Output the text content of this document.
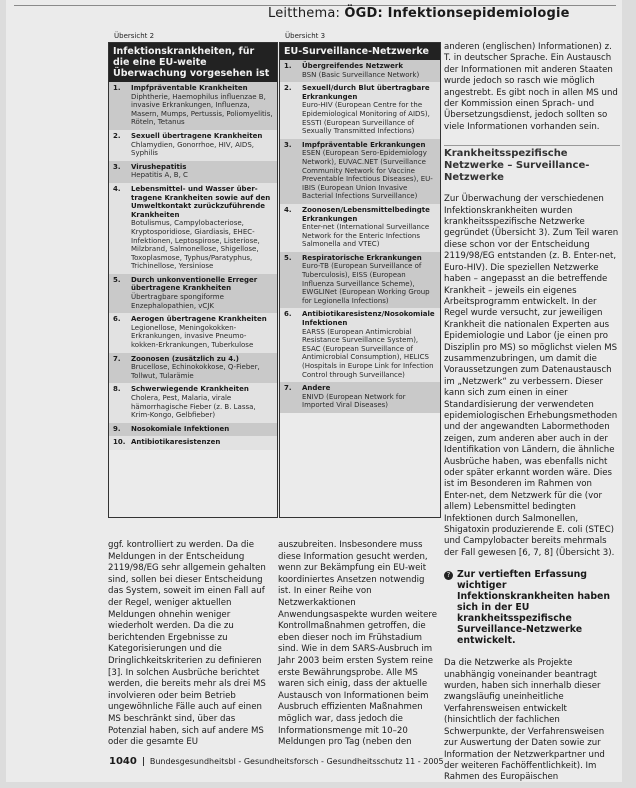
Leitthema: ÖGD: Infektionsepidemiologie
Übersicht 2
Infektionskrankheiten, für die eine EU-weite Überwachung vorgesehen ist
1.	Impfpräventable Krankheiten
Diphtherie, Haemophilus influenzae B, invasive Erkrankungen, Influenza, Masern, Mumps, Pertussis, Poliomyelitis, Röteln, Tetanus
2.	Sexuell übertragene Krankheiten
Chlamydien, Gonorrhoe, HIV, AIDS, Syphilis
3.	Virushepatitis
Hepatitis A, B, C
4.	Lebensmittel- und Wasser über-tragene Krankheiten sowie auf den Umweltkontakt zurückzuführende Krankheiten
Botulismus, Campylobacteriose, Kryptosporidiose, Giardiasis, EHEC-Infektionen, Leptospirose, Listeriose, Milzbrand, Salmonellose, Shigellose, Toxoplasmose, Typhus/Paratyphus, Trichinellose, Yersiniose
5.	Durch unkonventionelle Erreger übertragene Krankheiten
Übertragbare spongiforme Enzephalopathien, vCJK
6.	Aerogen übertragene Krankheiten
Legionellose, Meningokokken-Erkrankungen, invasive Pneumo-kokken-Erkrankungen, Tuberkulose
7.	Zoonosen (zusätzlich zu 4.)
Brucellose, Echinokokkose, Q-Fieber, Tollwut, Tularämie
8.	Schwerwiegende Krankheiten
Cholera, Pest, Malaria, virale hämorrhagische Fieber (z. B. Lassa, Krim-Kongo, Gelbfieber)
9.	Nosokomiale Infektionen
10. Antibiotikaresistenzen
Übersicht 3
EU-Surveillance-Netzwerke
1.	Übergreifendes Netzwerk
BSN (Basic Surveillance Network)
2.	Sexuell/durch Blut übertragbare Erkrankungen
Euro-HIV (European Centre for the Epidemiological Monitoring of AIDS), ESSTI (European Surveillance of Sexually Transmitted Infections)
3.	Impfpräventable Erkrankungen
ESEN (European Sero-Epidemiology Network), EUVAC.NET (Surveillance Community Network for Vaccine Preventable Infectious Diseases), EU-IBIS (European Union Invasive Bacterial Infections Surveillance)
4.	Zoonosen/Lebensmittelbedingte Erkrankungen
Enter-net (International Surveillance Network for the Enteric Infections Salmonella and VTEC)
5.	Respiratorische Erkrankungen
Euro-TB (European Surveillance of Tuberculosis), EISS (European Influenza Surveillance Scheme), EWGLINet (European Working Group for Legionella Infections)
6.	Antibiotikaresistenz/Nosokomiale Infektionen
EARSS (European Antimicrobial Resistance Surveillance System), ESAC (European Surveillance of Antimicrobial Consumption), HELICS (Hospitals in Europe Link for Infection Control through Surveillance)
7.	Andere
ENIVD (European Network for Imported Viral Diseases)

anderen (englischen) Informationen) z. T. in deutscher Sprache. Ein Austausch der Informationen mit anderen Staaten wurde jedoch so rasch wie möglich angestrebt. Es gibt noch in allen MS und der Kommission einen Sprach- und Übersetzungsdienst, jedoch sollten so viele Informationen vorhanden sein.

Krankheitsspezifische Netzwerke – Surveillance-Netzwerke

Zur Überwachung der verschiedenen Infektionskrankheiten wurden krankheitsspezifische Netzwerke gegründet (Übersicht 3). Zum Teil waren diese schon vor der Entscheidung 2119/98/EG entstanden (z. B. Enter-net, Euro-HIV). Die speziellen Netzwerke haben – angepasst an die betreffende Krankheit – jeweils ein eigenes Arbeitsprogramm entwickelt. In der Regel wurde versucht, zur jeweiligen Krankheit die nationalen Experten aus Epidemiologie und Labor (je einen pro Disziplin pro MS) so möglichst vielen MS zusammenzubringen, um damit die Voraussetzungen zum Datenaustausch im „Netzwerk“ zu verbessern. Dieser kann sich zum einen in einer Standardisierung der verwendeten epidemiologischen Erhebungsmethoden und der angewandten Labormethoden zeigen, zum anderen aber auch in der Identifikation von Ländern, die ähnliche Ausbrüche haben, was ebenfalls nicht oder später erkannt worden wäre. Dies ist im Besonderen im Rahmen von Enter-net, dem Netzwerk für die (vor allem) Lebensmittel bedingten Infektionen durch Salmonellen, Shigatoxin produzierende E. coli (STEC) und Campylobacter bereits mehrmals der Fall gewesen [6, 7, 8] (Übersicht 3).

? Zur vertieften Erfassung wichtiger Infektionskrankheiten haben sich in der EU krankheitsspezifische Surveillance-Netzwerke entwickelt.

Da die Netzwerke als Projekte unabhängig voneinander beantragt wurden, haben sich innerhalb dieser zwangsläufig uneinheitliche Verfahrensweisen entwickelt (hinsichtlich der fachlichen Schwerpunkte, der Verfahrensweisen zur Auswertung der Daten sowie zur Information der Netzwerkpartner und der weiteren Fachöffentlichkeit). Im Rahmen des Europäischen

ggf. kontrolliert zu werden. Da die Meldungen in der Entscheidung 2119/98/EG sehr allgemein gehalten sind, sollen bei dieser Entscheidung das System, soweit im einen Fall auf der Regel, weniger aktuellen Meldungen ohnehin weniger wiederholt werden. Da die zu berichtenden Ergebnisse zu Kategorisierungen und die Dringlichkeitskriterien zu definieren [3]. In solchen Ausbrüche berichtet werden, die bereits mehr als drei MS involvieren oder beim Betrieb ungewöhnliche Fälle auch auf einen MS beschränkt sind, über das Potenzial haben, sich auf andere MS oder die gesamte EU

auszubreiten. Insbesondere muss diese Information gesucht werden, wenn zur Bekämpfung ein EU-weit koordiniertes Ansetzen notwendig ist. In einer Reihe von Netzwerkaktionen Anwendungsaspekte wurden weitere Kontrollmaßnahmen getroffen, die eben dieser noch im Frühstadium sind. Wie in dem SARS-Ausbruch im Jahr 2003 beim ersten System reine erste Bewährungsprobe. Alle MS waren sich einig, dass der aktuelle Austausch von Informationen beim Ausbruch effizienten Maßnahmen möglich war, dass jedoch die Informationsmenge mit 10–20 Meldungen pro Tag (neben den

1040 Bundesgesundheitsbl - Gesundheitsforsch - Gesundheitsschutz 11 - 2005
